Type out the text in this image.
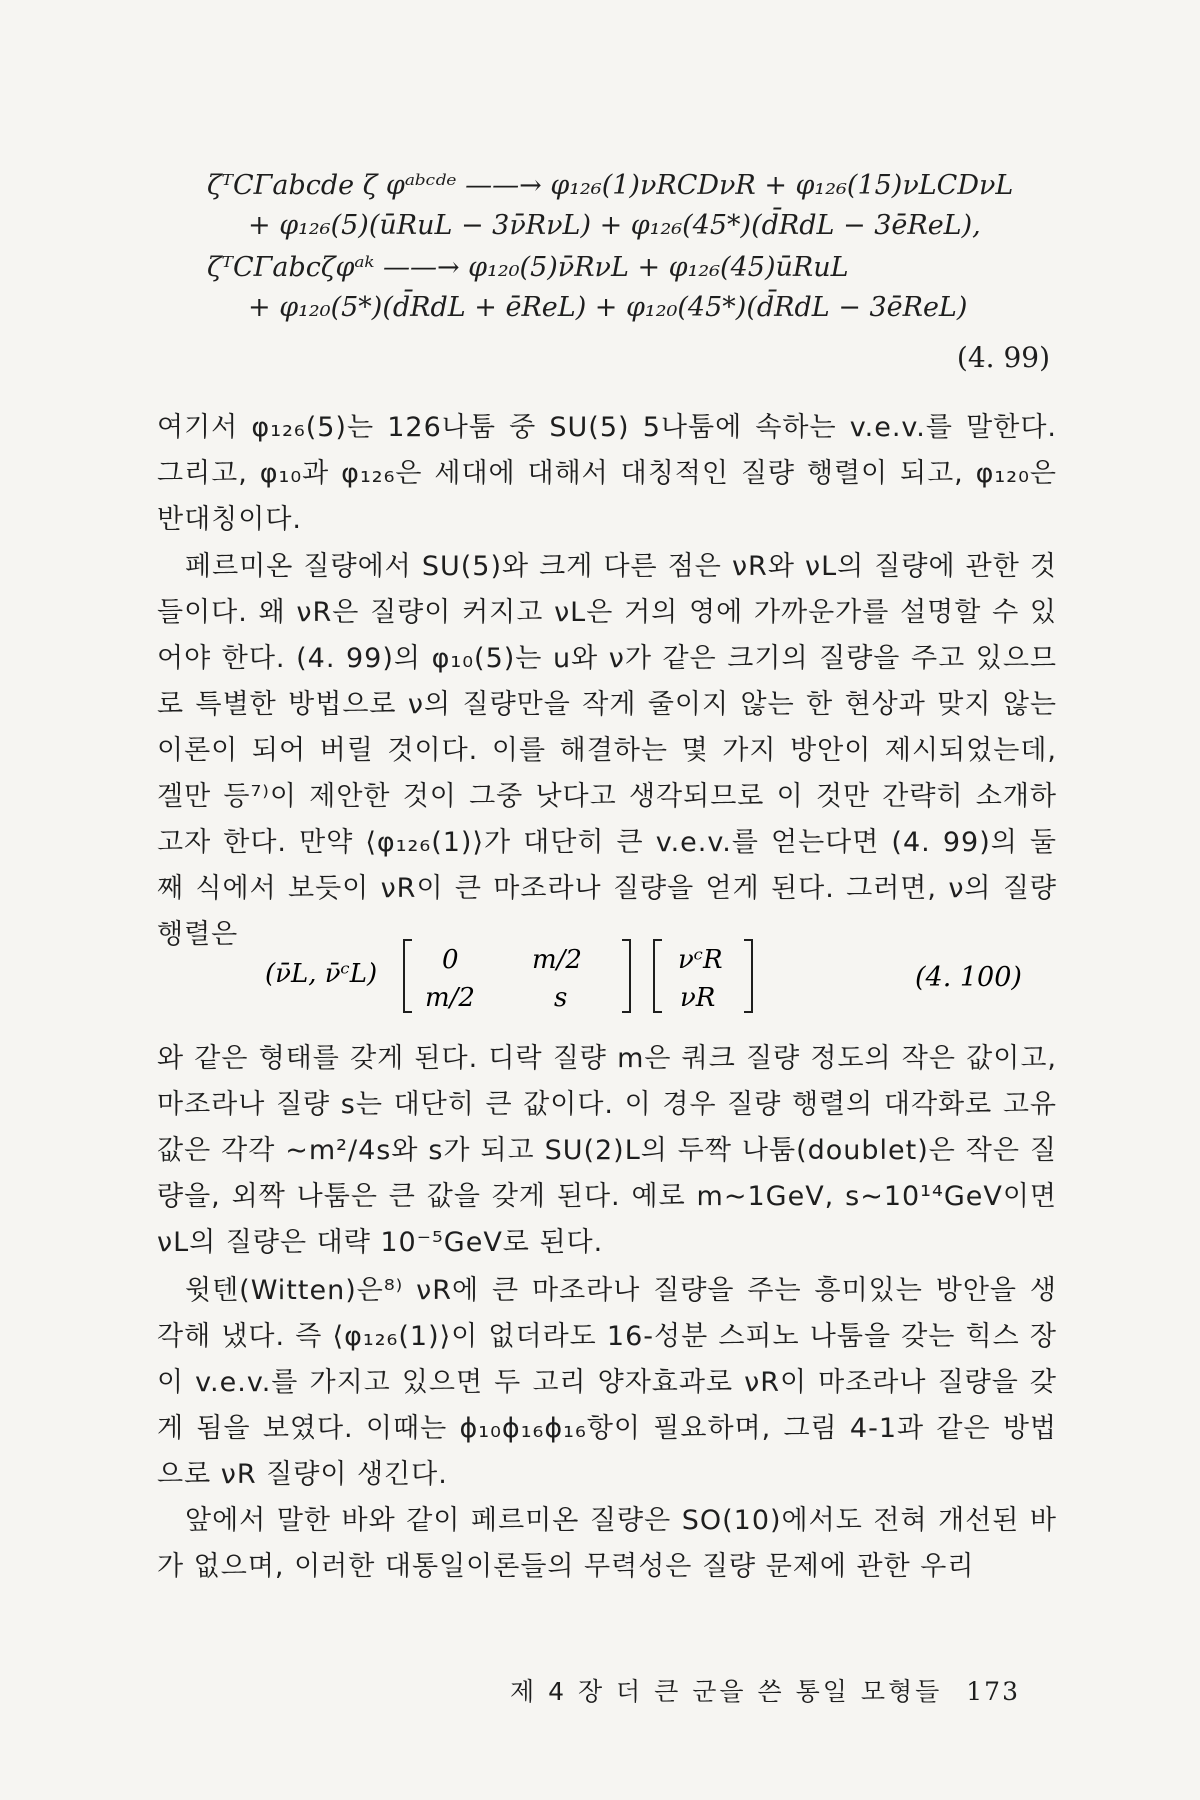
ζᵀCΓabcde ζ φᵃᵇᶜᵈᵉ ——→ φ₁₂₆(1)νRCDνR + φ₁₂₆(15)νLCDνL
+ φ₁₂₆(5)(ūRuL − 3ν̄RνL) + φ₁₂₆(45*)(d̄RdL − 3ēReL),
ζᵀCΓabcζφᵃᵏ ——→ φ₁₂₀(5)ν̄RνL + φ₁₂₆(45)ūRuL
+ φ₁₂₀(5*)(d̄RdL + ēReL) + φ₁₂₀(45*)(d̄RdL − 3ēReL)
(4. 99)

여기서 φ₁₂₆(5)는 126나툼 중 SU(5) 5나툼에 속하는 v.e.v.를 말한다. 그리고, φ₁₀과 φ₁₂₆은 세대에 대해서 대칭적인 질량 행렬이 되고, φ₁₂₀은 반대칭이다.

페르미온 질량에서 SU(5)와 크게 다른 점은 νR와 νL의 질량에 관한 것들이다. 왜 νR은 질량이 커지고 νL은 거의 영에 가까운가를 설명할 수 있어야 한다. (4. 99)의 φ₁₀(5)는 u와 ν가 같은 크기의 질량을 주고 있으므로 특별한 방법으로 ν의 질량만을 작게 줄이지 않는 한 현상과 맞지 않는 이론이 되어 버릴 것이다. 이를 해결하는 몇 가지 방안이 제시되었는데, 겔만 등⁷⁾이 제안한 것이 그중 낫다고 생각되므로 이 것만 간략히 소개하고자 한다. 만약 ⟨φ₁₂₆(1)⟩가 대단히 큰 v.e.v.를 얻는다면 (4. 99)의 둘째 식에서 보듯이 νR이 큰 마조라나 질량을 얻게 된다. 그러면, ν의 질량행렬은

(ν̄L, ν̄ᶜL) 0	m/2
m/2	s
νᶜR
νR
(4. 100)

와 같은 형태를 갖게 된다. 디락 질량 m은 쿼크 질량 정도의 작은 값이고, 마조라나 질량 s는 대단히 큰 값이다. 이 경우 질량 행렬의 대각화로 고유값은 각각 ∼m²/4s와 s가 되고 SU(2)L의 두짝 나툼(doublet)은 작은 질량을, 외짝 나툼은 큰 값을 갖게 된다. 예로 m∼1GeV, s∼10¹⁴GeV이면 νL의 질량은 대략 10⁻⁵GeV로 된다.

윗텐(Witten)은⁸⁾ νR에 큰 마조라나 질량을 주는 흥미있는 방안을 생각해 냈다. 즉 ⟨φ₁₂₆(1)⟩이 없더라도 16-성분 스피노 나툼을 갖는 힉스 장이 v.e.v.를 가지고 있으면 두 고리 양자효과로 νR이 마조라나 질량을 갖게 됨을 보였다. 이때는 ϕ₁₀ϕ₁₆ϕ₁₆항이 필요하며, 그림 4-1과 같은 방법으로 νR 질량이 생긴다.

앞에서 말한 바와 같이 페르미온 질량은 SO(10)에서도 전혀 개선된 바가 없으며, 이러한 대통일이론들의 무력성은 질량 문제에 관한 우리

제 4 장 더 큰 군을 쓴 통일 모형들 173
